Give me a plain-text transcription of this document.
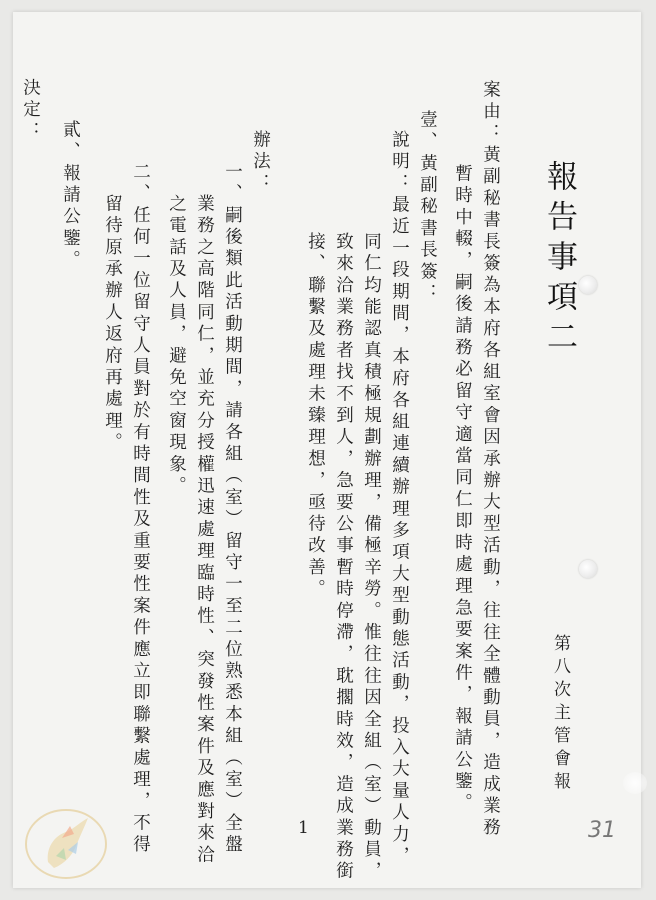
報告事項二
第八次主管會報
案由：黃副秘書長簽為本府各組室會因承辦大型活動，往往全體動員，造成業務
暫時中輟，嗣後請務必留守適當同仁即時處理急要案件，報請公鑒。
壹、黃副秘書長簽：
說明：最近一段期間，本府各組連續辦理多項大型動態活動，投入大量人力，
同仁均能認真積極規劃辦理，備極辛勞。惟往往因全組（室）動員，
致來洽業務者找不到人，急要公事暫時停滯，耽擱時效，造成業務銜
接、聯繫及處理未臻理想，亟待改善。
辦法：
一、嗣後類此活動期間，請各組（室）留守一至二位熟悉本組（室）全盤
業務之高階同仁，並充分授權迅速處理臨時性、突發性案件及應對來洽
之電話及人員，避免空窗現象。
二、任何一位留守人員對於有時間性及重要性案件應立即聯繫處理，不得
留待原承辦人返府再處理。
貳、報請公鑒。
決定：
1	31
